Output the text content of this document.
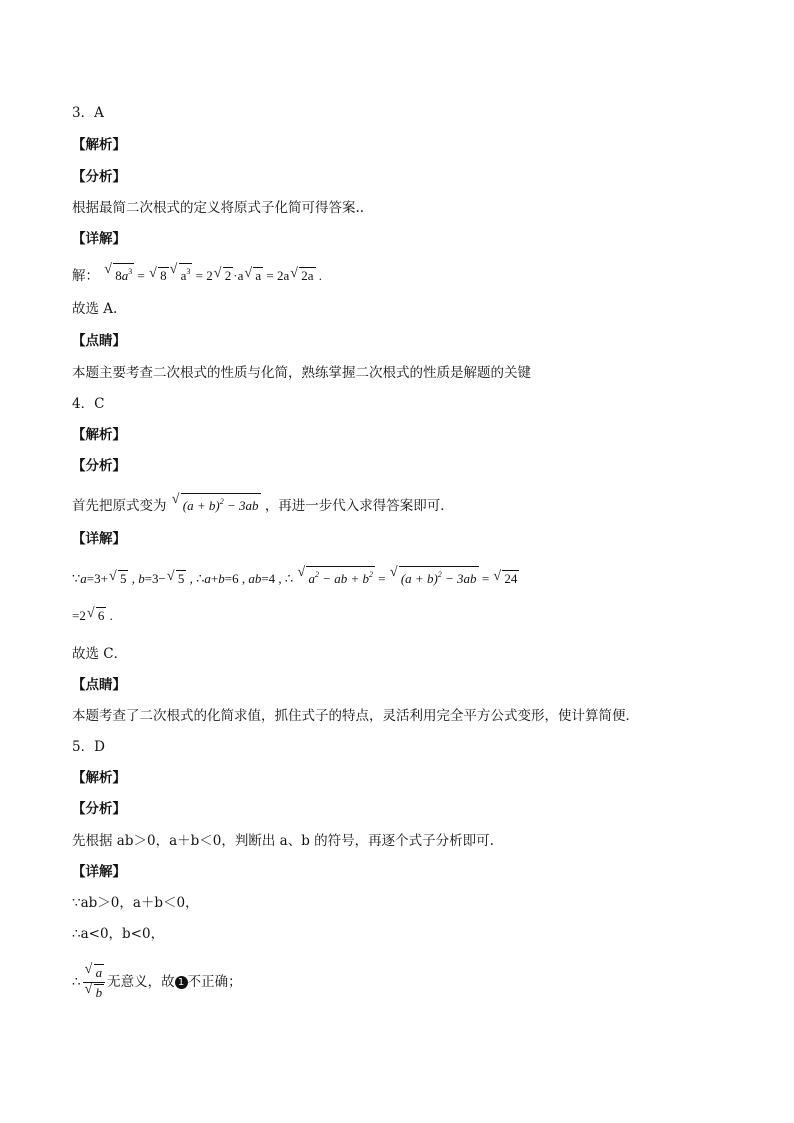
3．A
【解析】
【分析】
根据最简二次根式的定义将原式子化简可得答案..
【详解】
解： √ $8a^3$ = √ 8√ $a^3 = 2√$ 2 ·a√ a = 2a√ 2a .
故选 A.
【点睛】
本题主要考查二次根式的性质与化简，熟练掌握二次根式的性质是解题的关键
4．C
【解析】
【分析】
首先把原式变为 √ $(a + b)^2 - 3ab$ ，再进一步代入求得答案即可．
【详解】
∵a=3+√ 5 , b=3−√ 5 , ∴a+b=6 , ab=4 , ∴ √ $a^2$ − ab + $b^2$ = √ $(a + b)^2 - 3ab$ = √ 24
=2√ 6 .
故选 C．
【点睛】
本题考查了二次根式的化简求值，抓住式子的特点，灵活利用完全平方公式变形，使计算简便．
5．D
【解析】
【分析】
先根据 ab＞0，a＋b＜0，判断出 a、b 的符号，再逐个式子分析即可.
【详解】
∵ab＞0，a＋b＜0，
∴a<0，b<0，
∴
√ a
√ b 无意义，故 1 不正确；
